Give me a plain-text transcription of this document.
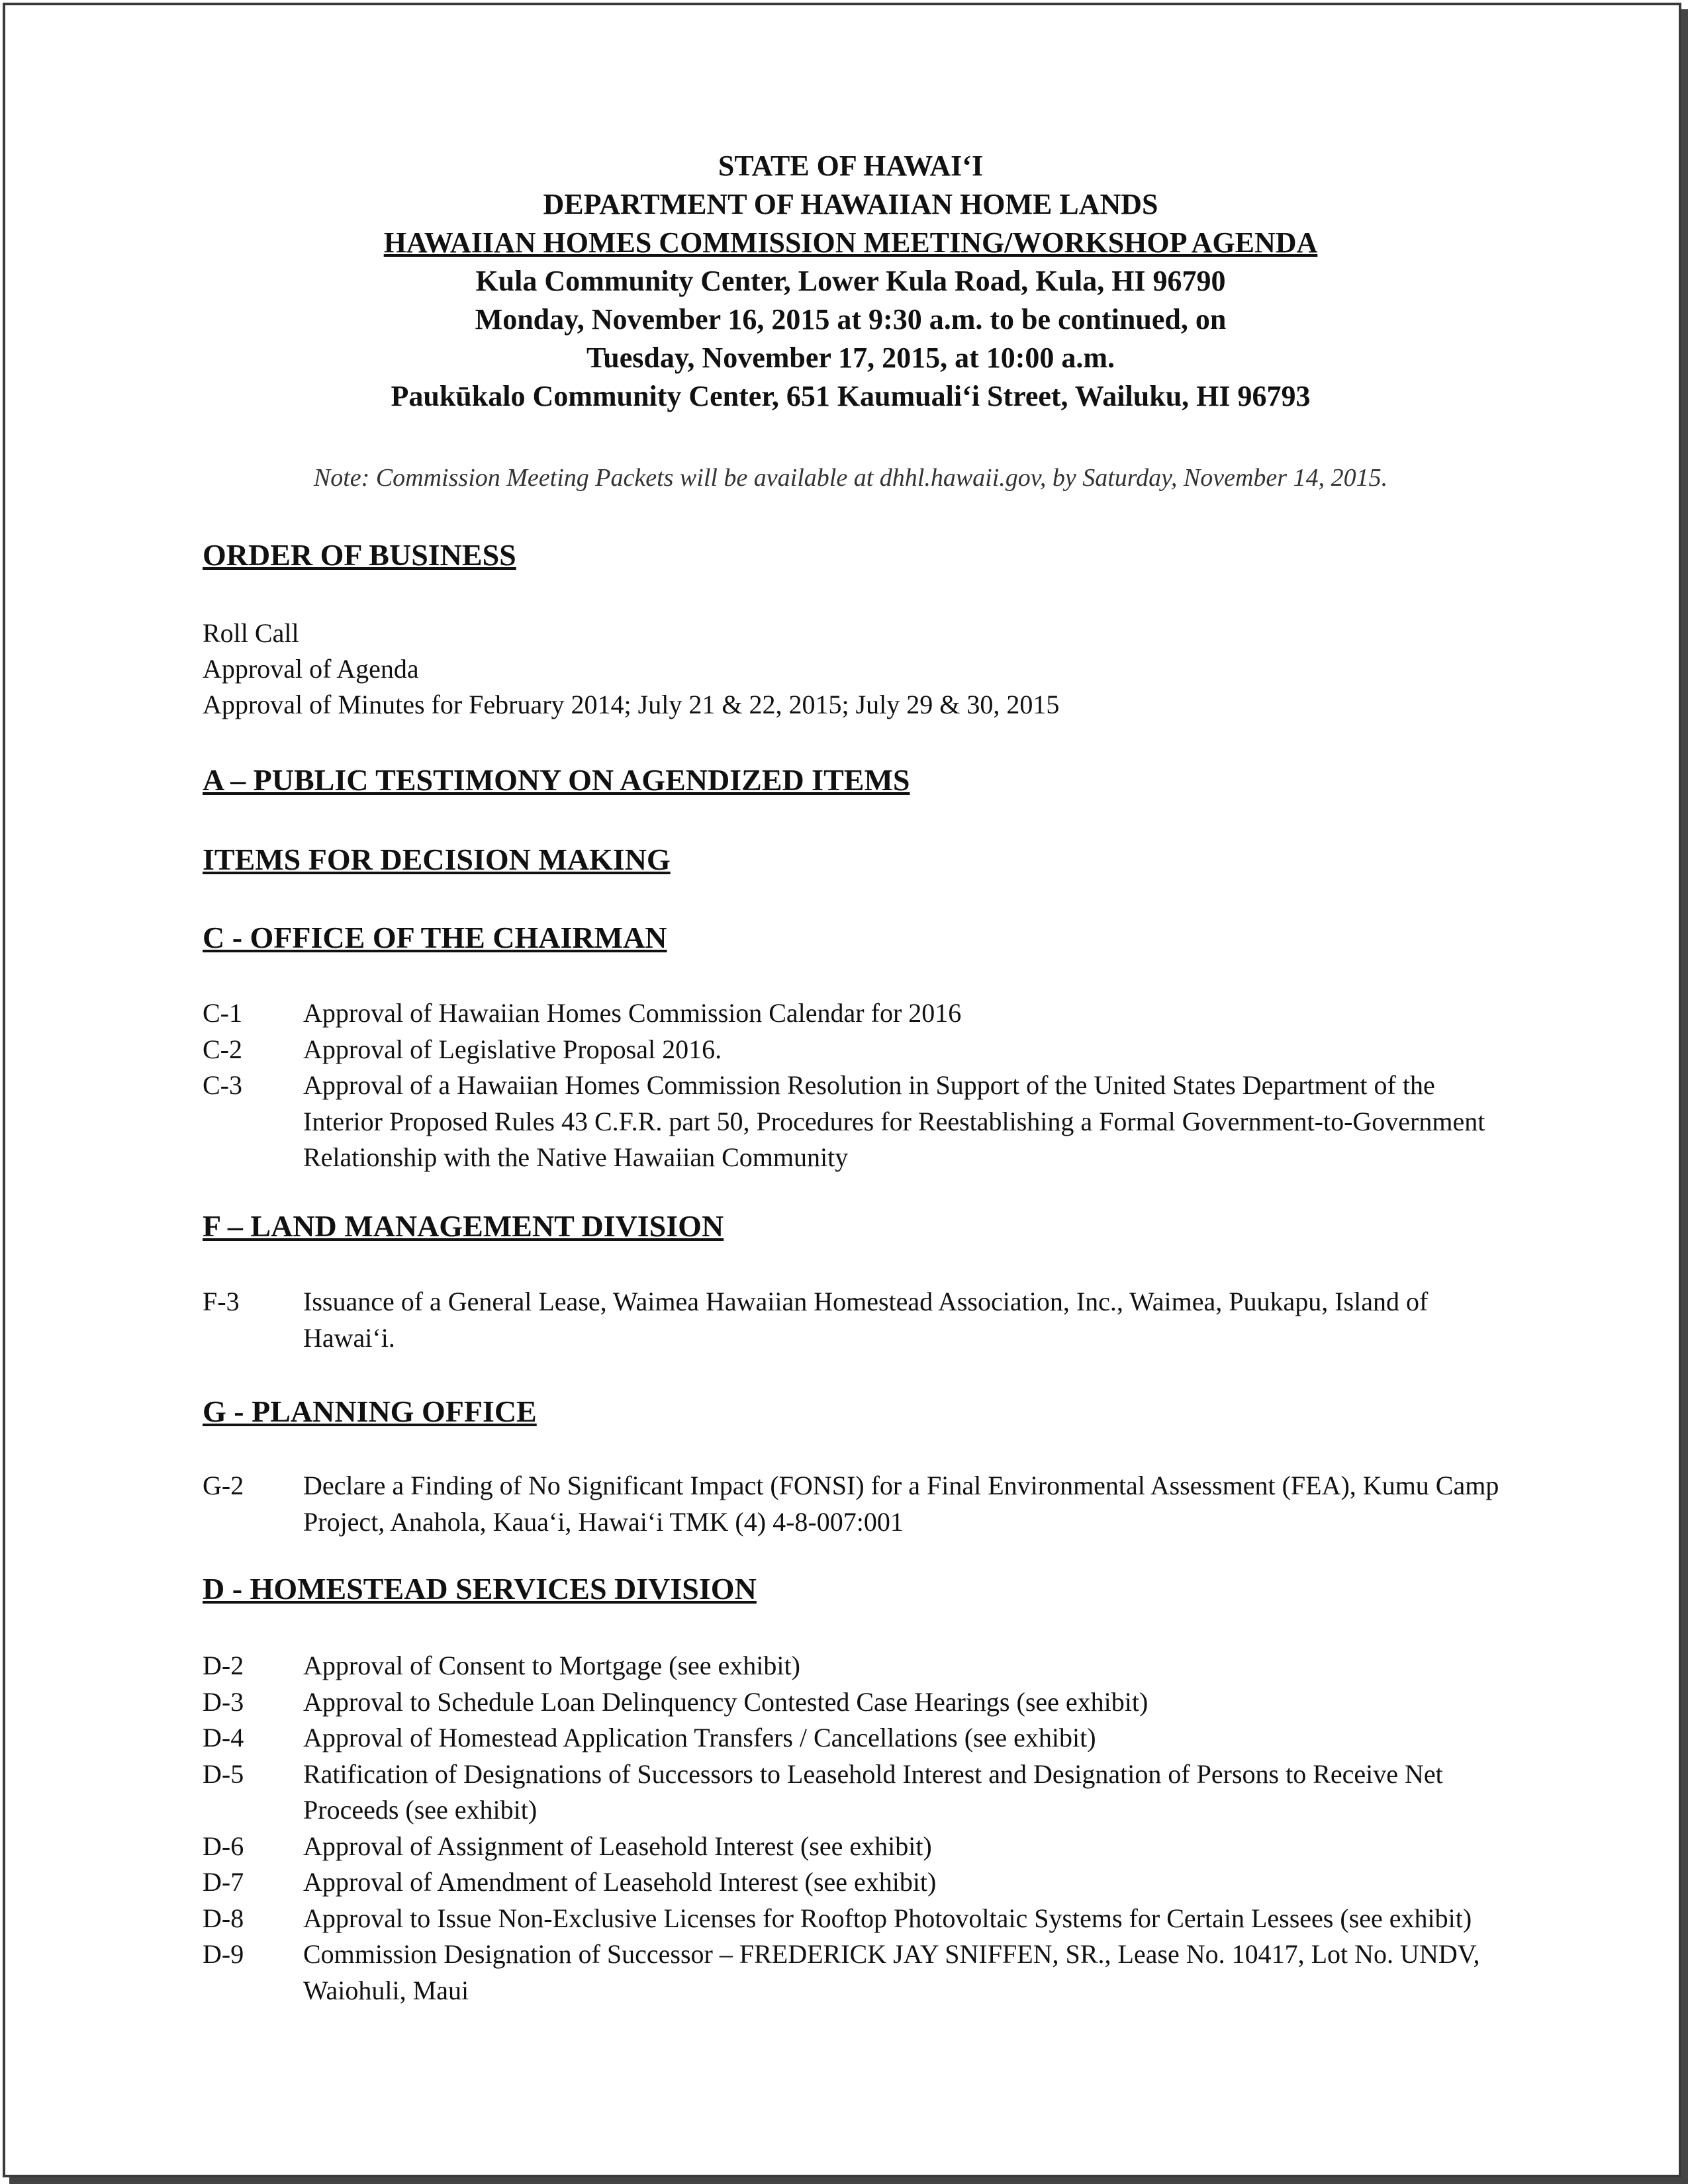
STATE OF HAWAI‘I
DEPARTMENT OF HAWAIIAN HOME LANDS
HAWAIIAN HOMES COMMISSION MEETING/WORKSHOP AGENDA
Kula Community Center, Lower Kula Road, Kula, HI 96790
Monday, November 16, 2015 at 9:30 a.m. to be continued, on
Tuesday, November 17, 2015, at 10:00 a.m.
Paukūkalo Community Center, 651 Kaumuali‘i Street, Wailuku, HI 96793
Note: Commission Meeting Packets will be available at dhhl.hawaii.gov, by Saturday, November 14, 2015.
ORDER OF BUSINESS
Roll Call
Approval of Agenda
Approval of Minutes for February 2014; July 21 & 22, 2015; July 29 & 30, 2015
A – PUBLIC TESTIMONY ON AGENDIZED ITEMS
ITEMS FOR DECISION MAKING
C - OFFICE OF THE CHAIRMAN
C-1	Approval of Hawaiian Homes Commission Calendar for 2016
C-2	Approval of Legislative Proposal 2016.
C-3	Approval of a Hawaiian Homes Commission Resolution in Support of the United States Department of the Interior Proposed Rules 43 C.F.R. part 50, Procedures for Reestablishing a Formal Government-to-Government Relationship with the Native Hawaiian Community
F – LAND MANAGEMENT DIVISION
F-3	Issuance of a General Lease, Waimea Hawaiian Homestead Association, Inc., Waimea, Puukapu, Island of Hawai‘i.
G - PLANNING OFFICE
G-2	Declare a Finding of No Significant Impact (FONSI) for a Final Environmental Assessment (FEA), Kumu Camp Project, Anahola, Kaua‘i, Hawai‘i TMK (4) 4-8-007:001
D - HOMESTEAD SERVICES DIVISION
D-2	Approval of Consent to Mortgage (see exhibit)
D-3	Approval to Schedule Loan Delinquency Contested Case Hearings (see exhibit)
D-4	Approval of Homestead Application Transfers / Cancellations (see exhibit)
D-5	Ratification of Designations of Successors to Leasehold Interest and Designation of Persons to Receive Net Proceeds (see exhibit)
D-6	Approval of Assignment of Leasehold Interest (see exhibit)
D-7	Approval of Amendment of Leasehold Interest (see exhibit)
D-8	Approval to Issue Non-Exclusive Licenses for Rooftop Photovoltaic Systems for Certain Lessees (see exhibit)
D-9	Commission Designation of Successor – FREDERICK JAY SNIFFEN, SR., Lease No. 10417, Lot No. UNDV, Waiohuli, Maui
